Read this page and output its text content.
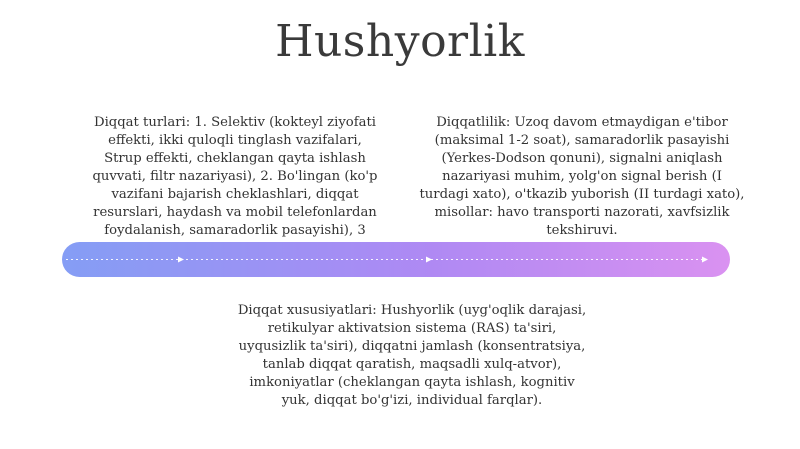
Hushyorlik

Diqqat turlari: 1. Selektiv (kokteyl ziyofati effekti, ikki quloqli tinglash vazifalari, Strup effekti, cheklangan qayta ishlash quvvati, filtr nazariyasi), 2. Bo'lingan (ko'p vazifani bajarish cheklashlari, diqqat resurslari, haydash va mobil telefonlardan foydalanish, samaradorlik pasayishi), 3

Diqqatlilik: Uzoq davom etmaydigan e'tibor (maksimal 1-2 soat), samaradorlik pasayishi (Yerkes-Dodson qonuni), signalni aniqlash nazariyasi muhim, yolg'on signal berish (I turdagi xato), o'tkazib yuborish (II turdagi xato), misollar: havo transporti nazorati, xavfsizlik tekshiruvi.

Diqqat xususiyatlari: Hushyorlik (uyg'oqlik darajasi, retikulyar aktivatsion sistema (RAS) ta'siri, uyqusizlik ta'siri), diqqatni jamlash (konsentratsiya, tanlab diqqat qaratish, maqsadli xulq-atvor), imkoniyatlar (cheklangan qayta ishlash, kognitiv yuk, diqqat bo'g'izi, individual farqlar).
